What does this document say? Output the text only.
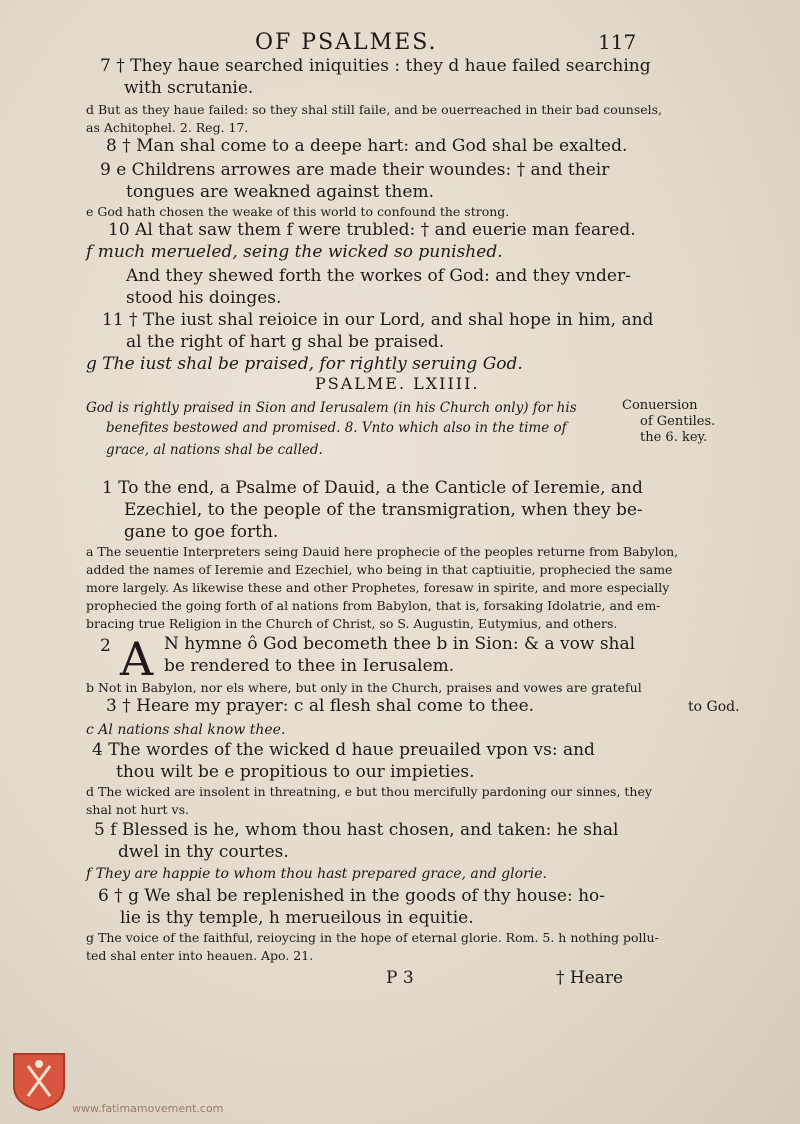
OF PSALMES.	117
7 † They haue searched iniquities : they d haue failed searching
with scrutanie.
d But as they haue failed: so they shal still faile, and be ouerreached in their bad counsels,
as Achitophel. 2. Reg. 17.
8 † Man shal come to a deepe hart: and God shal be exalted.
9 e Childrens arrowes are made their woundes: † and their
tongues are weakned against them.
e God hath chosen the weake of this world to confound the strong.
10 Al that saw them f were trubled: † and euerie man feared.
f much merueled, seing the wicked so punished.
And they shewed forth the workes of God: and they vnder-
stood his doinges.
11 † The iust shal reioice in our Lord, and shal hope in him, and
al the right of hart g shal be praised.
g The iust shal be praised, for rightly seruing God.
PSALME. LXIIII.
God is rightly praised in Sion and Ierusalem (in his Church only) for his
benefites bestowed and promised. 8. Vnto which also in the time of
grace, al nations shal be called.
Conuersion
of Gentiles.
the 6. key.
1 To the end, a Psalme of Dauid, a the Canticle of Ieremie, and
Ezechiel, to the people of the transmigration, when they be-
gane to goe forth.
a The seuentie Interpreters seing Dauid here prophecie of the peoples returne from Babylon,
added the names of Ieremie and Ezechiel, who being in that captiuitie, prophecied the same
more largely. As likewise these and other Prophetes, foresaw in spirite, and more especially
prophecied the going forth of al nations from Babylon, that is, forsaking Idolatrie, and em-
bracing true Religion in the Church of Christ, so S. Augustin, Eutymius, and others.
2 A N hymne ô God becometh thee b in Sion: & a vow shal
be rendered to thee in Ierusalem.
b Not in Babylon, nor els where, but only in the Church, praises and vowes are grateful
3 † Heare my prayer: c al flesh shal come to thee.	to God.
c Al nations shal know thee.
4 The wordes of the wicked d haue preuailed vpon vs: and
thou wilt be e propitious to our impieties.
d The wicked are insolent in threatning, e but thou mercifully pardoning our sinnes, they
shal not hurt vs.
5 f Blessed is he, whom thou hast chosen, and taken: he shal
dwel in thy courtes.
f They are happie to whom thou hast prepared grace, and glorie.
6 † g We shal be replenished in the goods of thy house: ho-
lie is thy temple, h merueilous in equitie.
g The voice of the faithful, reioycing in the hope of eternal glorie. Rom. 5. h nothing pollu-
ted shal enter into heauen. Apo. 21.
P 3	† Heare
www.fatimamovement.com
